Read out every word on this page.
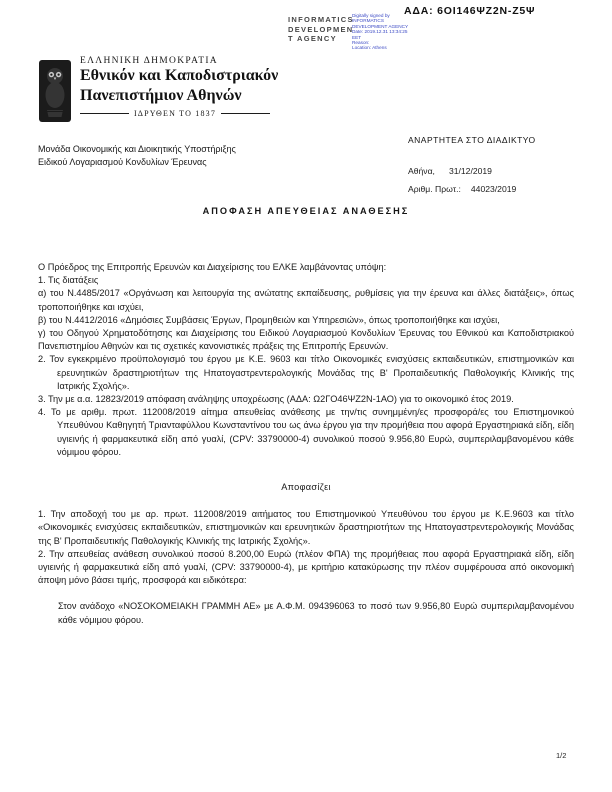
ΑΔΑ: 6ΟΙ146ΨΖ2Ν-Ζ5Ψ
INFORMATICS
DEVELOPMEN
T AGENCY
Digitally signed by
INFORMATICS
DEVELOPMENT AGENCY
Date: 2019.12.31 13:34:25
EET
Reason:
Location: Athens
ΕΛΛΗΝΙΚΗ ΔΗΜΟΚΡΑΤΙΑ
Εθνικόν και Καποδιστριακόν
Πανεπιστήμιον Αθηνών
ΙΔΡΥΘΕΝ ΤΟ 1837
Μονάδα Οικονομικής και Διοικητικής Υποστήριξης
Ειδικού Λογαριασμού Κονδυλίων Έρευνας
ΑΝΑΡΤΗΤΕΑ ΣΤΟ ΔΙΑΔΙΚΤΥΟ
Αθήνα, 31/12/2019
Αριθμ. Πρωτ.: 44023/2019
ΑΠΟΦΑΣΗ ΑΠΕΥΘΕΙΑΣ ΑΝΑΘΕΣΗΣ

Ο Πρόεδρος της Επιτροπής Ερευνών και Διαχείρισης του ΕΛΚΕ λαμβάνοντας υπόψη:

1. Τις διατάξεις

α) του Ν.4485/2017 «Οργάνωση και λειτουργία της ανώτατης εκπαίδευσης, ρυθμίσεις για την έρευνα και άλλες διατάξεις», όπως τροποποιήθηκε και ισχύει,

β) του Ν.4412/2016 «Δημόσιες Συμβάσεις Έργων, Προμηθειών και Υπηρεσιών», όπως τροποποιήθηκε και ισχύει,

γ) του Οδηγού Χρηματοδότησης και Διαχείρισης του Ειδικού Λογαριασμού Κονδυλίων Έρευνας του Εθνικού και Καποδιστριακού Πανεπιστημίου Αθηνών και τις σχετικές κανονιστικές πράξεις της Επιτροπής Ερευνών.

2. Τον εγκεκριμένο προϋπολογισμό του έργου με Κ.Ε. 9603 και τίτλο Οικονομικές ενισχύσεις εκπαιδευτικών, επιστημονικών και ερευνητικών δραστηριοτήτων της Ηπατογαστρεντερολογικής Μονάδας της Β' Προπαιδευτικής Παθολογικής Κλινικής της Ιατρικής Σχολής».

3. Την με α.α. 12823/2019 απόφαση ανάληψης υποχρέωσης (ΑΔΑ: Ω2ΓΟ46ΨΖ2Ν-1ΑΟ) για το οικονομικό έτος 2019.

4. Το με αριθμ. πρωτ. 112008/2019 αίτημα απευθείας ανάθεσης με την/τις συνημμένη/ες προσφορά/ες του Επιστημονικού Υπευθύνου Καθηγητή Τριανταφύλλου Κωνσταντίνου του ως άνω έργου για την προμήθεια που αφορά Εργαστηριακά είδη, είδη υγιεινής ή φαρμακευτικά είδη από γυαλί, (CPV: 33790000-4) συνολικού ποσού 9.956,80 Ευρώ, συμπεριλαμβανομένου κάθε νόμιμου φόρου.

Αποφασίζει

1. Την αποδοχή του με αρ. πρωτ. 112008/2019 αιτήματος του Επιστημονικού Υπευθύνου του έργου με Κ.Ε.9603 και τίτλο «Οικονομικές ενισχύσεις εκπαιδευτικών, επιστημονικών και ερευνητικών δραστηριοτήτων της Ηπατογαστρεντερολογικής Μονάδας της Β' Προπαιδευτικής Παθολογικής Κλινικής της Ιατρικής Σχολής».

2. Την απευθείας ανάθεση συνολικού ποσού 8.200,00 Ευρώ (πλέον ΦΠΑ) της προμήθειας που αφορά Εργαστηριακά είδη, είδη υγιεινής ή φαρμακευτικά είδη από γυαλί, (CPV: 33790000-4), με κριτήριο κατακύρωσης την πλέον συμφέρουσα από οικονομική άποψη μόνο βάσει τιμής, προσφορά και ειδικότερα:

Στον ανάδοχο «ΝΟΣΟΚΟΜΕΙΑΚΗ ΓΡΑΜΜΗ ΑΕ» με Α.Φ.Μ. 094396063 το ποσό των 9.956,80 Ευρώ συμπεριλαμβανομένου κάθε νόμιμου φόρου.

1/2
